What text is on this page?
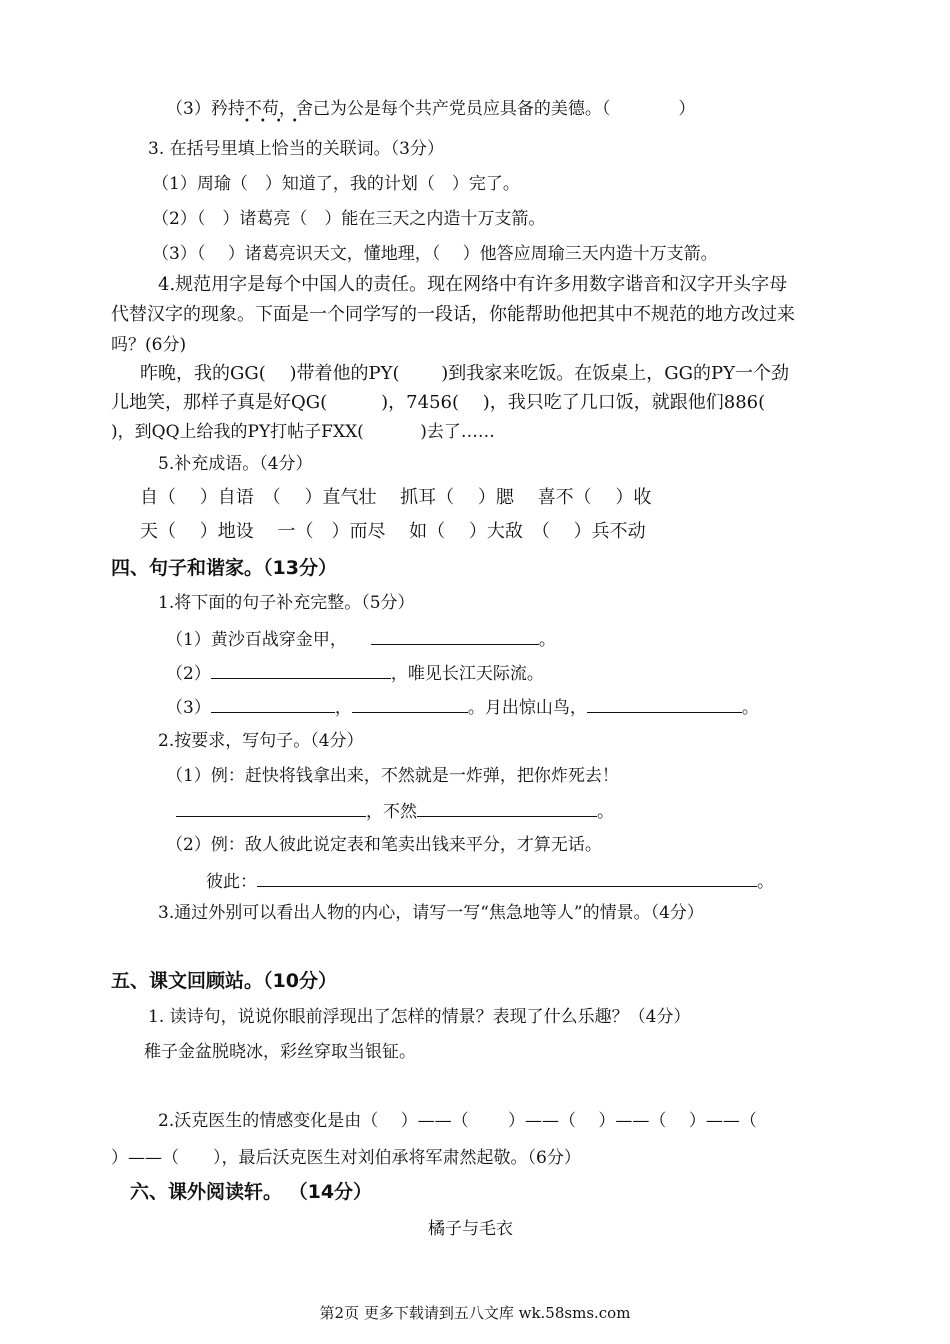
（3）矜持不苟，舍己为公是每个共产党员应具备的美德。（　　　　）
••••
3. 在括号里填上恰当的关联词。（3分）
（1）周瑜（　）知道了，我的计划（　）完了。
（2）（　）诸葛亮（　）能在三天之内造十万支箭。
（3）（　 ）诸葛亮识天文，懂地理，（　 ）他答应周瑜三天内造十万支箭。
4.规范用字是每个中国人的责任。现在网络中有许多用数字谐音和汉字开头字母
代替汉字的现象。下面是一个同学写的一段话，你能帮助他把其中不规范的地方改过来
吗？(6分)
昨晚，我的GG(　 )带着他的PY(　　 )到我家来吃饭。在饭桌上，GG的PY一个劲
儿地笑，那样子真是好QG(　　　)，7456(　 )，我只吃了几口饭，就跟他们886(
)，到QQ上给我的PY打帖子FXX(　　　 )去了……
5.补充成语。（4分）
自（　 ）自语　（　 ）直气壮　 抓耳（　 ）腮　 喜不（　 ）收
天（　 ）地设　 一（　）而尽　 如（　 ）大敌　（　 ）兵不动
四、句子和谐家。（13分）
1.将下面的句子补充完整。（5分）
（1）黄沙百战穿金甲，	。
（2）	，唯见长江天际流。
（3）	，	。月出惊山鸟，	。
2.按要求，写句子。（4分）
（1）例：赶快将钱拿出来，不然就是一炸弹，把你炸死去！
，不然	。
（2）例：敌人彼此说定表和笔卖出钱来平分，才算无话。
彼此：	。
3.通过外别可以看出人物的内心，请写一写“焦急地等人”的情景。（4分）
五、课文回顾站。（10分）
1. 读诗句，说说你眼前浮现出了怎样的情景？表现了什么乐趣？（4分）
稚子金盆脱晓冰，彩丝穿取当银钲。
2.沃克医生的情感变化是由（　 ）——（　　 ）——（　 ）——（　 ）——（
）——（　　），最后沃克医生对刘伯承将军肃然起敬。（6分）
六、课外阅读轩。 （14分）
橘子与毛衣
第2页 更多下载请到五八文库 wk.58sms.com
